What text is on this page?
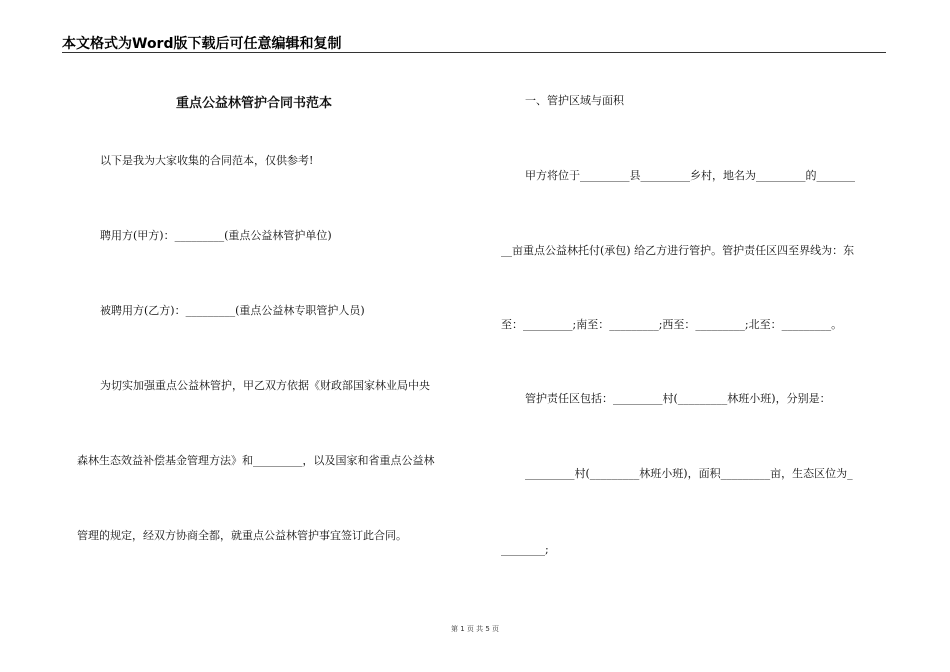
本文格式为Word版下载后可任意编辑和复制
重点公益林管护合同书范本
以下是我为大家收集的合同范本，仅供参考!
聘用方(甲方)：_________(重点公益林管护单位)
被聘用方(乙方)：_________(重点公益林专职管护人员)
为切实加强重点公益林管护，甲乙双方依据《财政部国家林业局中央
森林生态效益补偿基金管理方法》和_________，以及国家和省重点公益林
管理的规定，经双方协商全都，就重点公益林管护事宜签订此合同。
一、管护区域与面积
甲方将位于_________县_________乡村，地名为_________的_______
__亩重点公益林托付(承包) 给乙方进行管护。管护责任区四至界线为：东
至：_________;南至：_________;西至：_________;北至：_________。
管护责任区包括：_________村(_________林班小班)，分别是：
_________村(_________林班小班)，面积_________亩，生态区位为_
________;
第 1 页 共 5 页
